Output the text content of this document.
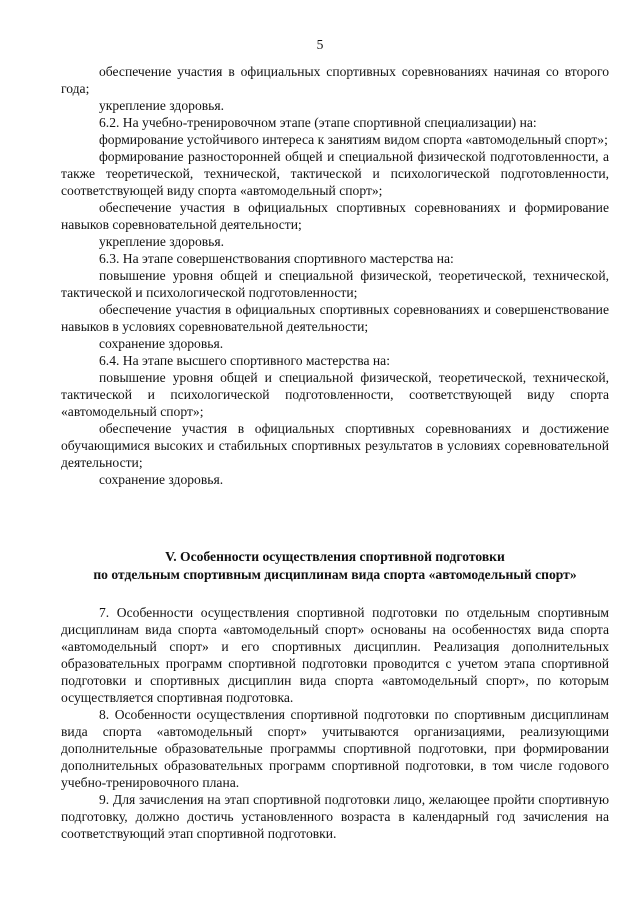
5

обеспечение участия в официальных спортивных соревнованиях начиная со второго года;

укрепление здоровья.

6.2. На учебно-тренировочном этапе (этапе спортивной специализации) на:

формирование устойчивого интереса к занятиям видом спорта «автомодельный спорт»;

формирование разносторонней общей и специальной физической подготовленности, а также теоретической, технической, тактической и психологической подготовленности, соответствующей виду спорта «автомодельный спорт»;

обеспечение участия в официальных спортивных соревнованиях и формирование навыков соревновательной деятельности;

укрепление здоровья.

6.3. На этапе совершенствования спортивного мастерства на:

повышение уровня общей и специальной физической, теоретической, технической, тактической и психологической подготовленности;

обеспечение участия в официальных спортивных соревнованиях и совершенствование навыков в условиях соревновательной деятельности;

сохранение здоровья.

6.4. На этапе высшего спортивного мастерства на:

повышение уровня общей и специальной физической, теоретической, технической, тактической и психологической подготовленности, соответствующей виду спорта «автомодельный спорт»;

обеспечение участия в официальных спортивных соревнованиях и достижение обучающимися высоких и стабильных спортивных результатов в условиях соревновательной деятельности;

сохранение здоровья.

V. Особенности осуществления спортивной подготовки
по отдельным спортивным дисциплинам вида спорта «автомодельный спорт»

7. Особенности осуществления спортивной подготовки по отдельным спортивным дисциплинам вида спорта «автомодельный спорт» основаны на особенностях вида спорта «автомодельный спорт» и его спортивных дисциплин. Реализация дополнительных образовательных программ спортивной подготовки проводится с учетом этапа спортивной подготовки и спортивных дисциплин вида спорта «автомодельный спорт», по которым осуществляется спортивная подготовка.

8. Особенности осуществления спортивной подготовки по спортивным дисциплинам вида спорта «автомодельный спорт» учитываются организациями, реализующими дополнительные образовательные программы спортивной подготовки, при формировании дополнительных образовательных программ спортивной подготовки, в том числе годового учебно-тренировочного плана.

9. Для зачисления на этап спортивной подготовки лицо, желающее пройти спортивную подготовку, должно достичь установленного возраста в календарный год зачисления на соответствующий этап спортивной подготовки.
